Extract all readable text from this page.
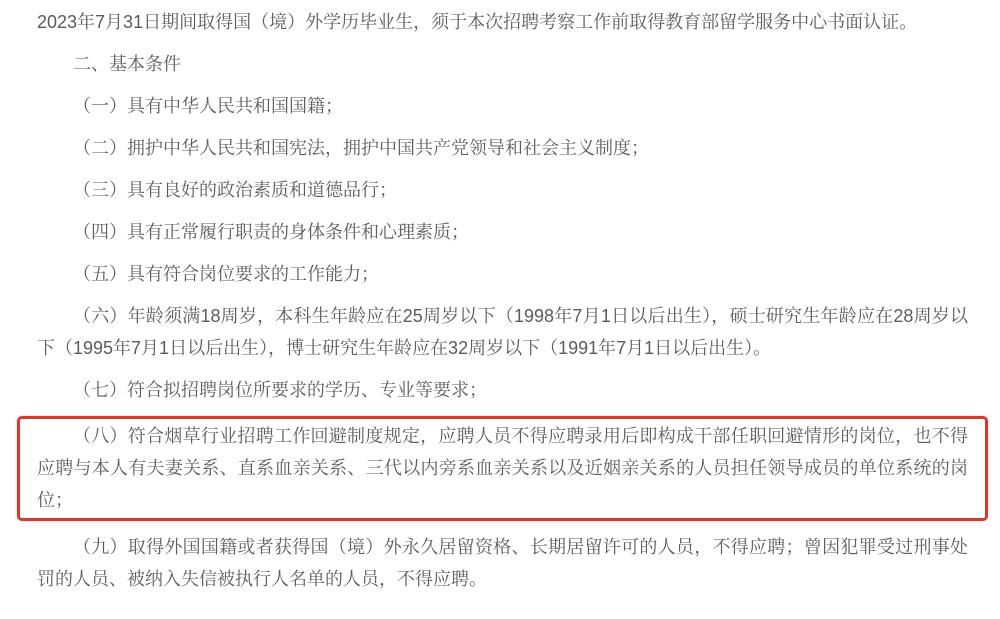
2023年7月31日期间取得国（境）外学历毕业生，须于本次招聘考察工作前取得教育部留学服务中心书面认证。

二、基本条件

（一）具有中华人民共和国国籍；

（二）拥护中华人民共和国宪法，拥护中国共产党领导和社会主义制度；

（三）具有良好的政治素质和道德品行；

（四）具有正常履行职责的身体条件和心理素质；

（五）具有符合岗位要求的工作能力；

（六）年龄须满18周岁，本科生年龄应在25周岁以下（1998年7月1日以后出生），硕士研究生年龄应在28周岁以下（1995年7月1日以后出生），博士研究生年龄应在32周岁以下（1991年7月1日以后出生）。

（七）符合拟招聘岗位所要求的学历、专业等要求；

（八）符合烟草行业招聘工作回避制度规定，应聘人员不得应聘录用后即构成干部任职回避情形的岗位，也不得应聘与本人有夫妻关系、直系血亲关系、三代以内旁系血亲关系以及近姻亲关系的人员担任领导成员的单位系统的岗位；

（九）取得外国国籍或者获得国（境）外永久居留资格、长期居留许可的人员，不得应聘；曾因犯罪受过刑事处罚的人员、被纳入失信被执行人名单的人员，不得应聘。
